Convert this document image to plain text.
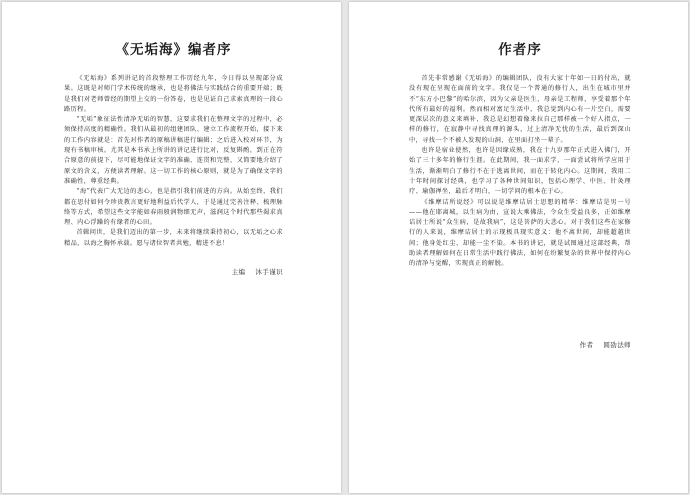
《无垢海》编者序

《无垢海》系列讲记的首段整理工作历经九年，今日得以呈现部分成果。这既是对师门学术传统的继承，也是将佛法与实践结合的重要开端；既是我们对老师曾经的期望上交的一份答卷，也是见证自己求索真理的一段心路历程。

“无垢”象征法性清净无垢的智慧，这要求我们在整理文字的过程中，必须保持高度的精确性。我们从最初的组建团队、建立工作流程开始，接下来的工作内容就是：首先对作者的原稿讲稿进行编辑；之后进入校对环节，为现有书稿审核。尤其是本书承上所讲的讲记进行比对，反复斟酌，到正在符合原意的前提下，尽可能地保证文字的准确、连贯和完整，又简要地介绍了原文的含义，方便读者理解。这一切工作的核心原则，就是为了确保文字的准确性，尊重经典。

“海”代表广大无边的悲心，也是指引我们前进的方向。从始至终，我们都在思付如何令珍贵教言更好地利益后代学人，于是通过完善注释、梳理脉络等方式，希望这些文字能如春雨般润物细无声，滋润这个时代那些渴求真理、内心浮躁的有缘者的心田。

首辑问世，是我们迈出的第一步，未来将继续秉持初心，以无垢之心求精品，以海之胸怀承载。愿与诸位智者共勉，精进不息！

主编 沐手谨识
作者序

首先非常感谢《无垢海》的编辑团队，没有大家十年如一日的付出，就没有现在呈现在面前的文字。我仅是一个普通的修行人，出生在城市里并不“东方小巴黎”的哈尔滨，因为父亲是医生，母亲是工程师，享受着那个年代所有最好的福利。然而相对富足生活中，我总觉到内心有一片空白，需要更深层次的意义来填补，我总是幻想着像来拉自己那样被一个好人指点，一样的修行，在寂静中寻找真理的源头，过上清净无忧的生活，最后到深山中，寻找一个不被人发现的山洞，在里面打坐一辈子。

也许是宿业使然，也许是因缘成熟，我在十九岁那年正式进入佛门，开始了三十多年的修行生涯。在此期间，我一面求学，一面尝试将所学应用于生活，渐渐明白了修行不在于逃离世间，而在于转化内心。这期间，我用二十年时间探讨经典，也学习了各种世间知识，包括心理学、中医、针灸理疗、瑜伽禅坐，最后才明白，一切学问的根本在于心。

《维摩诘所说经》可以说是维摩诘居士思想的精华：维摩诘是男一号——他在耶离城，以生病为由，宣说大乘佛法，令众生受益良多，正如维摩诘居士所说“众生病，是故我病”，这是菩萨的大悲心。对于我们这些在家修行的人来说，维摩诘居士的示现极具现实意义：他不离世间，却能超越世间；他身处红尘，却能一尘不染。本书的讲记，就是试图通过这部经典，帮助读者理解如何在日常生活中践行佛法，如何在纷繁复杂的世界中保持内心的清净与觉醒，实现真正的解脱。

作者 圆劭法师
